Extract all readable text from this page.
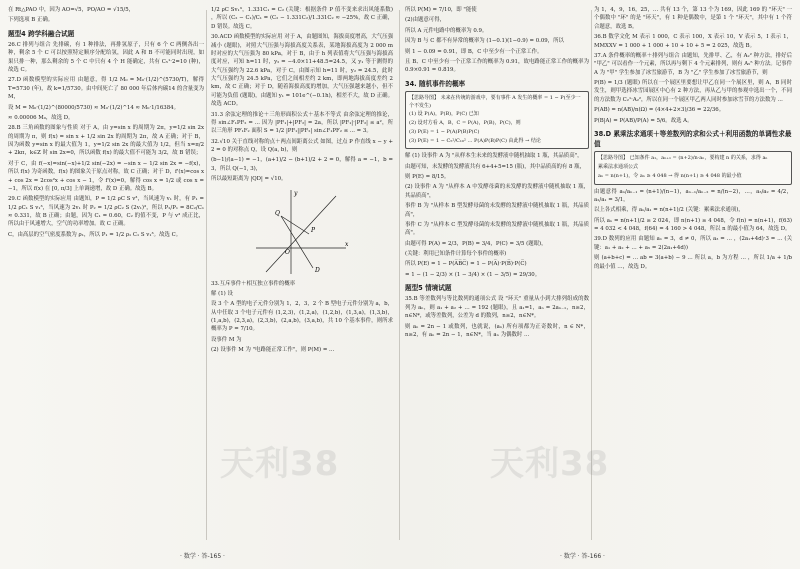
在 Rt△PAO 中，因为 AO=√5，PO/AO = √15/5，
下列选项 B 正确。
题型4 跨学科融合试题
26.C 排列与组合 先排碳，有 1 种排法，再排氢原子，只有 6 个 C 两侧各出一种，剩余 5 个 C 可以按照特定顺序分配给氢，因此 A 和 B 不可能同时出现，如果只排一种，那么剩余的 5 个 C 中只有 4 个 H 能确定，共有 C₅¹·2=10 (种)，故选 C。
27.D 函数模型的实际应用 由题意，得 1/2 M₀ = M₀·(1/2)^(5730/T)，解得 T=5730 (年)，故 k=1/5730。由中间死亡了 80 000 年后体内碳14 的含量变为 M，
设 M = M₀·(1/2)^(80000/5730) ≈ M₀·(1/2)^14 ≈ M₀·1/16384。
≈ 0.00006 M₀，故选 D。
28.B 三角函数的图象与性质 对于 A，由 y=sin x 的周期为 2π，y=1/2 sin 2x 的周期为 π，则 f(x) = sin x + 1/2 sin 2x 的周期为 2π，故 A 正确；对于 B，因为函数 y=sin x 的最大值为 1，y=1/2 sin 2x 的最大值为 1/2，但当 x=π/2 + 2kπ，k∈Z 时 sin 2x=0，所以函数 f(x) 的最大值不可能为 3/2，故 B 错误；
对于 C，由 f(−x)=sin(−x)+1/2 sin(−2x) = −sin x − 1/2 sin 2x = −f(x)，所以 f(x) 为奇函数，f(x) 的图象关于原点对称，故 C 正确；对于 D，f'(x)=cos x + cos 2x = 2cos²x + cos x − 1，令 f'(x)=0，解得 cos x = 1/2 或 cos x = −1，所以 f(x) 在 [0, π/3] 上单调递增，故 D 正确。故选 B。
29.C 函数模型的实际应用 由题知，P = 1/2 ρC S v³，当风速为 v₁ 时，有 P₁ = 1/2 ρC₁ S v₁³，当风速为 2v₁ 时 P₂ = 1/2 ρC₂ S (2v₁)³，所以 P₂/P₁ = 8C₂/C₁ ≈ 0.331，故 B 正确；由题，因为 C₁ = 0.60，C₂ 的值不变，P 与 v³ 成正比，所以由于风速增大，空气的功率增加。故 C 正确。
C，由高层的空气密度系数为 ρ₁，所以 P₁ = 1/2 ρ₁ C₁ S v₁³。故选 C。
1/2 ρC Sv₁³，1.331C₁ = C₂ (关键：根据条件 P 值不变来求出风能系数) ，所以 (C₂ − C₁)/C₁ = (C₂ − 1.331C₂)/1.331C₂ ≈ −25%，故 C 正确，D 错误。故选 C。
30.ACD 函数模型的实际应用 对于 A，由题图知，海拔高度增高，大气压强减小 (题眼)，对照大气压强与海拔高度关系表，某地海拔高度为 2 000 m 时对应的大气压强为 80 kPa，对于 B，由于 h 列表值将大气压强与海拔高度对应，可知 h=11 时，y₂ = −4.0×11+48.5=24.5，又 y₁ 等于测得的大气压强约为 22.6 kPa，对于 C，由图示知 h=11 时，y₂ = 24.5，此时大气压强约为 24.5 kPa，它们之间相差约 2 km，即两地海拔高度差约 2 km，故 C 正确；对于 D，随着海拔高度的增加，大气压强越来越小，但不可能为负值 (题眼)，由题知 y₁ = 101e^(−0.1h)，相差不大，故 D 正确。故选 ACD。
31.3 余弦定理的推论＋三角形面积公式＋基本不等式 由余弦定理的推论，得 sin∠F₁PF₂ = ... 因为 |PF₁|+|PF₂| = 2a，所以 |PF₁|·|PF₂| ≤ a²，所以三角形 PF₁F₂ 面积 S = 1/2 |PF₁||PF₂| sin∠F₁PF₂ ≤ ... = 3。
32.√10 关于直线对称的点＋两点间距离公式 如图，过点 P 作直线 x − y + 2 = 0 的对称点 Q，设 Q(a, b)，则
(b−1)/(a−1) = −1，(a+1)/2 − (b+1)/2 + 2 = 0，解得 a = −1，b = 3，所以 Q(−1, 3)，
所以最短距离为 |QD| = √10。
x
y
O
P
Q
D
33.互斥事件＋相互独立事件的概率
解 (1) 设
设 3 个 A 型的电子元件分别为 1，2，3，2 个 B 型电子元件分别为 a，b，从中任取 3 个电子元件有 (1,2,3)，(1,2,a)，(1,2,b)，(1,3,a)，(1,3,b)，(1,a,b)，(2,3,a)，(2,3,b)，(2,a,b)，(3,a,b)，共 10 个基本事件，则所求概率为 P = 7/10。
设事件 M 为
(2) 设事件 M 为 "电路能正常工作"，则 P(M) = ...
所以 P(M) = 7/10，即 "能使
(2)由题意可得，
所以 A 元件电路中的概率为 0.9。
因为 B 与 C 都不有异常的概率为 (1−0.1)(1−0.9) = 0.09，所以
则 1 − 0.09 = 0.91，即 B，C 中至少有一个正常工作。
且 B、C 中至少有一个正常工作的概率为 0.91，故电路能正常工作的概率为 0.9×0.91 = 0.819。
34. 随机事件的概率
【思路导图】 未来在传统的游戏中，要有事件 A 发生的概率 = 1 − P(至少一个不发生)
(1) 设 P(A)，P(B)，P(C) 已知
(2) 设对方看 A，B，C = P(A)，P(B)，P(C)，则
(3) P(E) = 1 − P(A)P(B)P(C)
(3) P(E) = 1 − C₅²/C₁₀² … P(A)P(B)P(C) 由此得 → 结论
解 (1) 设事件 A 为 "从样本生未来的发酵液中随机抽取 1 瓶，其品质高"，
由题可知，未发酵的发酵液共有 6+4+5=15 (瓶)，其中品质高的有 8 瓶，
则 P(E) = 8/15。
(2) 设事件 A 为 "从样本 A 中发酵母菌的未发酵的发酵液中随机抽取 1 瓶，其品质高"，
事件 B 为 "从样本 B 型发酵母菌的未发酵的发酵液中随机抽取 1 瓶，其品质高"，
事件 C 为 "从样本 C 型发酵母菌的未发酵的发酵液中随机抽取 1 瓶，其品质高"。
由题可得 P(A) = 2/3，P(B) = 3/4，P(C) = 3/5 (题眼)，
(关键：利用已知条件计算每个事件的概率)
所以 P(E) = 1 − P(A̅B̅C̅) = 1 − P(A̅)·P(B̅)·P(C̅)
= 1 − (1 − 2/3) × (1 − 3/4) × (1 − 3/5) = 29/30。
题型5 情境试题
35.B 等差数列与等比数列的通项公式 设 "环天" 重量从小到大排列组成的数列为 aₙ，则 a₁ + a₂ + … = 192 (题眼)，且 a₁=1，aₙ = 2aₙ₋₁，n≥2，n∈N*，或等差数列，公差为 d 的数列，n≥2，n∈N*。
则 aₙ = 2n − 1 或数列，也就说，(aₙ) 所有项都为正奇数时，n ∈ N*，n≥2，有 aₙ = 2n − 1，n∈N*，当 aₙ 为偶数时 …
为 1，4，9，16，25，… 共有 13 个，第 13 个为 169，因此 169 的 "环天" 一个偶数中 "环" 的是 "环天"，有 1 种是偶数中，是第 1 个 "环天"，其中有 1 个符合题意，故选 B。
36.B 数学文化 M 表示 1 000，C 表示 100，X 表示 10，V 表示 5，I 表示 1，MMXXV = 1 000 + 1 000 + 10 + 10 + 5 = 2 025，故选 B。
37.A 条件概率的概率＋排列与组合 由题知，先排甲、乙，有 A₂² 种方法，排好后 "甲乙" 可以看作一个元素，所以再与剩下 4 个元素排列，则有 A₅⁵ 种方法。记事件 A 为 "甲" 学生参加了冰雪旅游节，B 为 "乙" 学生参加了冰雪旅游节，则
P(B) = 1/3 (题眼) 所以在一个展区里要想让甲乙在同一个展区里，则 A，B 同时发生，则甲选择冰雪园展区中心有 2 种方法，再从乙与甲的参观中选出一个，不同的方法数为 C₂¹·A₂²，所以在同一个展区甲乙两人同时参加冰雪节的方法数为 …
P(AB) = n(AB)/n(Ω) = (4×4+2×3)/36 = 22/36。
P(B|A) = P(AB)/P(A) = 5/6。故选 A。
38.D 累乘法求通项＋等差数列的求和公式＋利用函数的单调性求最值
【思路导图】 已知条件 a₁，aₙ₊₁ = (n+2)/n·aₙ，要构建 n 的关系，求得 aₙ
累乘法求通项公式
aₙ = n(n+1)，令 aₙ ≥ 4 048 → 得 n(n+1) ≥ 4 048 的最小值
由题意得 aₙ/aₙ₋₁ = (n+1)/(n−1)，aₙ₋₁/aₙ₋₂ = n/(n−2)，…，a₃/a₂ = 4/2，a₂/a₁ = 3/1，
以上各式相乘，得 aₙ/a₁ = n(n+1)/2 (关键：累乘法求通项)，
所以 aₙ = n(n+1)/2 ≥ 2 024，即 n(n+1) ≥ 4 048，令 f(n) = n(n+1)，f(63) = 4 032 < 4 048，f(64) = 4 160 > 4 048，所以 n 的最小值为 64，故选 D。
39.D 数列的应用 由题知 a₁ = 3，d ≠ 0，所以 a₃ = … ，(2a₁+4d)·3 = … (关键：a₁ + a₂ + … + a₅ = 2(2a₁+4d))
则 (a+b+c) = … ab = 3(a+b) − 9 … 所以 a，b 为方程 … ，所以 1/a + 1/b 的最小值 …，故选 D。
天利38	天利38
· 数学 · 答-165 ·	· 数学 · 答-166 ·
